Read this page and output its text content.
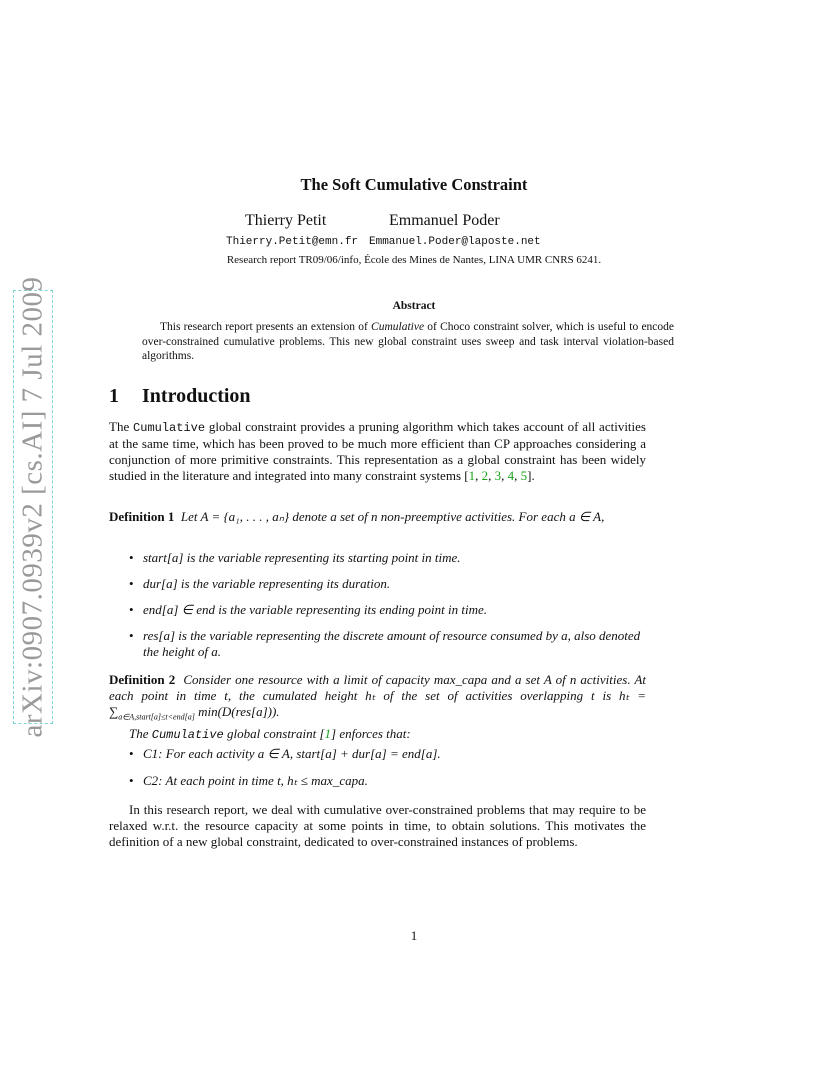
arXiv:0907.0939v2 [cs.AI] 7 Jul 2009
The Soft Cumulative Constraint
Thierry Petit	Emmanuel Poder
Thierry.Petit@emn.fr Emmanuel.Poder@laposte.net
Research report TR09/06/info, École des Mines de Nantes, LINA UMR CNRS 6241.
Abstract

This research report presents an extension of Cumulative of Choco constraint solver, which is useful to encode over-constrained cumulative problems. This new global constraint uses sweep and task interval violation-based algorithms.

1 Introduction

The Cumulative global constraint provides a pruning algorithm which takes account of all activities at the same time, which has been proved to be much more efficient than CP approaches considering a conjunction of more primitive constraints. This representation as a global constraint has been widely studied in the literature and integrated into many constraint systems [1, 2, 3, 4, 5].

Definition 1 Let A = {a₁, . . . , aₙ} denote a set of n non-preemptive activities. For each a ∈ A,

• start[a] is the variable representing its starting point in time.
• dur[a] is the variable representing its duration.
• end[a] ∈ end is the variable representing its ending point in time.
• res[a] is the variable representing the discrete amount of resource consumed by a, also denoted the height of a.

Definition 2 Consider one resource with a limit of capacity max_capa and a set A of n activities. At each point in time t, the cumulated height hₜ of the set of activities overlapping t is $h_t = \sum_{a\in A,start[a]\le t<end[a]}$ min(D(res[a])).

The Cumulative global constraint [1] enforces that:

• C1: For each activity a ∈ A, start[a] + dur[a] = end[a].
• C2: At each point in time t, hₜ ≤ max_capa.

In this research report, we deal with cumulative over-constrained problems that may require to be relaxed w.r.t. the resource capacity at some points in time, to obtain solutions. This motivates the definition of a new global constraint, dedicated to over-constrained instances of problems.

1
